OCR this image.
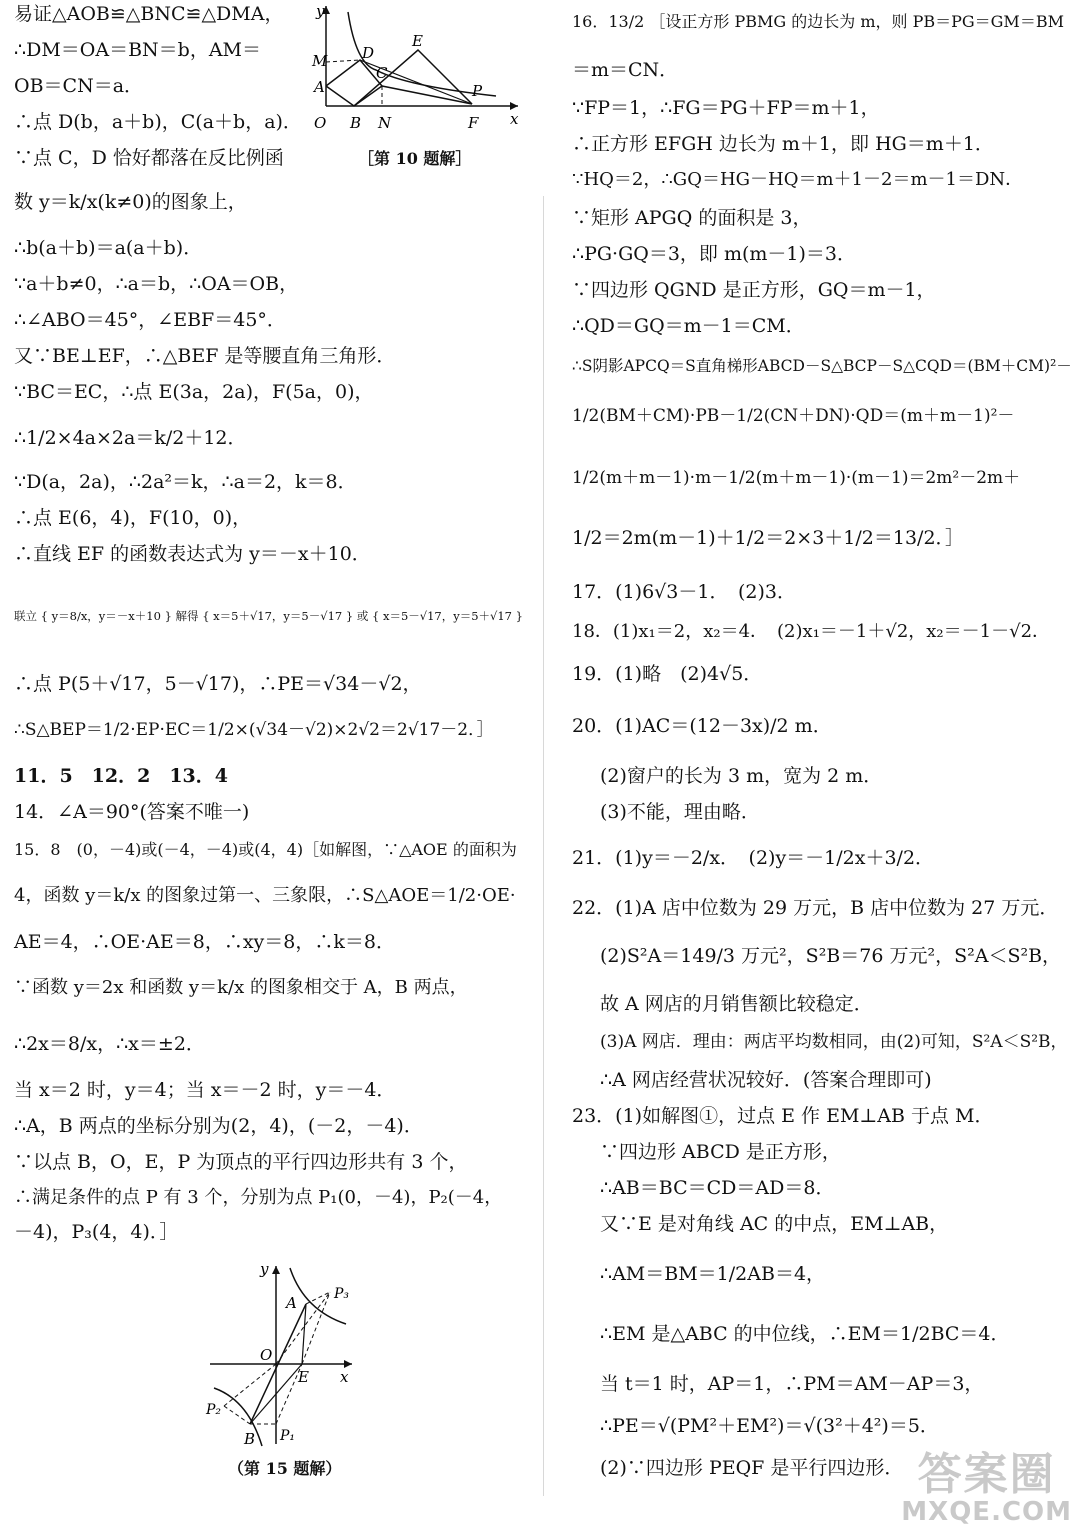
易证△AOB≌△BNC≌△DMA，
∴DM＝OA＝BN＝b，AM＝
OB＝CN＝a．
∴点 D(b，a＋b)，C(a＋b，a)．
∵点 C，D 恰好都落在反比例函
数 y＝k/x(k≠0)的图象上，
∴b(a＋b)＝a(a＋b)．
∵a＋b≠0，∴a＝b，∴OA＝OB，
∴∠ABO＝45°，∠EBF＝45°．
又∵BE⊥EF，∴△BEF 是等腰直角三角形．
∵BC＝EC，∴点 E(3a，2a)，F(5a，0)，
∴1/2×4a×2a＝k/2＋12．
∵D(a，2a)，∴2a²＝k，∴a＝2，k＝8．
∴点 E(6，4)，F(10，0)，
∴直线 EF 的函数表达式为 y＝－x＋10．
联立 { y＝8/x，y＝－x＋10 } 解得 { x＝5＋√17，y＝5－√17 } 或 { x＝5－√17，y＝5＋√17 }
∴点 P(5＋√17，5－√17)，∴PE＝√34－√2，
∴S△BEP＝1/2·EP·EC＝1/2×(√34－√2)×2√2＝2√17－2．］
11．5　12．2　13．4
14．∠A＝90°(答案不唯一)
15．8　(0，－4)或(－4，－4)或(4，4)［如解图，∵△AOE 的面积为
4，函数 y＝k/x 的图象过第一、三象限，∴S△AOE＝1/2·OE·
AE＝4，∴OE·AE＝8，∴xy＝8，∴k＝8．
∵函数 y＝2x 和函数 y＝k/x 的图象相交于 A，B 两点，
∴2x＝8/x，∴x＝±2．
当 x＝2 时，y＝4；当 x＝－2 时，y＝－4．
∴A，B 两点的坐标分别为(2，4)，(－2，－4)．
∵以点 B，O，E，P 为顶点的平行四边形共有 3 个，
∴满足条件的点 P 有 3 个，分别为点 P₁(0，－4)，P₂(－4，
－4)，P₃(4，4)．］
y
x
O
M
A
D
C
E
P
B N	F
［第 10 题解］
y
x
O
A	P₃
E
P₂
B P₁
（第 15 题解）
16．13/2 ［设正方形 PBMG 的边长为 m，则 PB＝PG＝GM＝BM
＝m＝CN．
∵FP＝1，∴FG＝PG＋FP＝m＋1，
∴正方形 EFGH 边长为 m＋1，即 HG＝m＋1．
∵HQ＝2，∴GQ＝HG－HQ＝m＋1－2＝m－1＝DN．
∵矩形 APGQ 的面积是 3，
∴PG·GQ＝3，即 m(m－1)＝3．
∵四边形 QGND 是正方形，GQ＝m－1，
∴QD＝GQ＝m－1＝CM．
∴S阴影APCQ＝S直角梯形ABCD－S△BCP－S△CQD＝(BM＋CM)²－
1/2(BM＋CM)·PB－1/2(CN＋DN)·QD＝(m＋m－1)²－
1/2(m＋m－1)·m－1/2(m＋m－1)·(m－1)＝2m²－2m＋
1/2＝2m(m－1)＋1/2＝2×3＋1/2＝13/2．］
17．(1)6√3－1．　(2)3．
18．(1)x₁＝2，x₂＝4．　(2)x₁＝－1＋√2，x₂＝－1－√2．
19．(1)略　(2)4√5．
20．(1)AC＝(12－3x)/2 m．
(2)窗户的长为 3 m，宽为 2 m．
(3)不能，理由略．
21．(1)y＝－2/x．　(2)y＝－1/2x＋3/2．
22．(1)A 店中位数为 29 万元，B 店中位数为 27 万元．
(2)S²A＝149/3 万元²，S²B＝76 万元²，S²A＜S²B，
故 A 网店的月销售额比较稳定．
(3)A 网店．理由：两店平均数相同，由(2)可知，S²A＜S²B，
∴A 网店经营状况较好．(答案合理即可)
23．(1)如解图①，过点 E 作 EM⊥AB 于点 M．
∵四边形 ABCD 是正方形，
∴AB＝BC＝CD＝AD＝8．
又∵E 是对角线 AC 的中点，EM⊥AB，
∴AM＝BM＝1/2AB＝4，
∴EM 是△ABC 的中位线，∴EM＝1/2BC＝4．
当 t＝1 时，AP＝1，∴PM＝AM－AP＝3，
∴PE＝√(PM²＋EM²)＝√(3²＋4²)＝5．
(2)∵四边形 PEQF 是平行四边形． 答案圈
MXQE.COM
